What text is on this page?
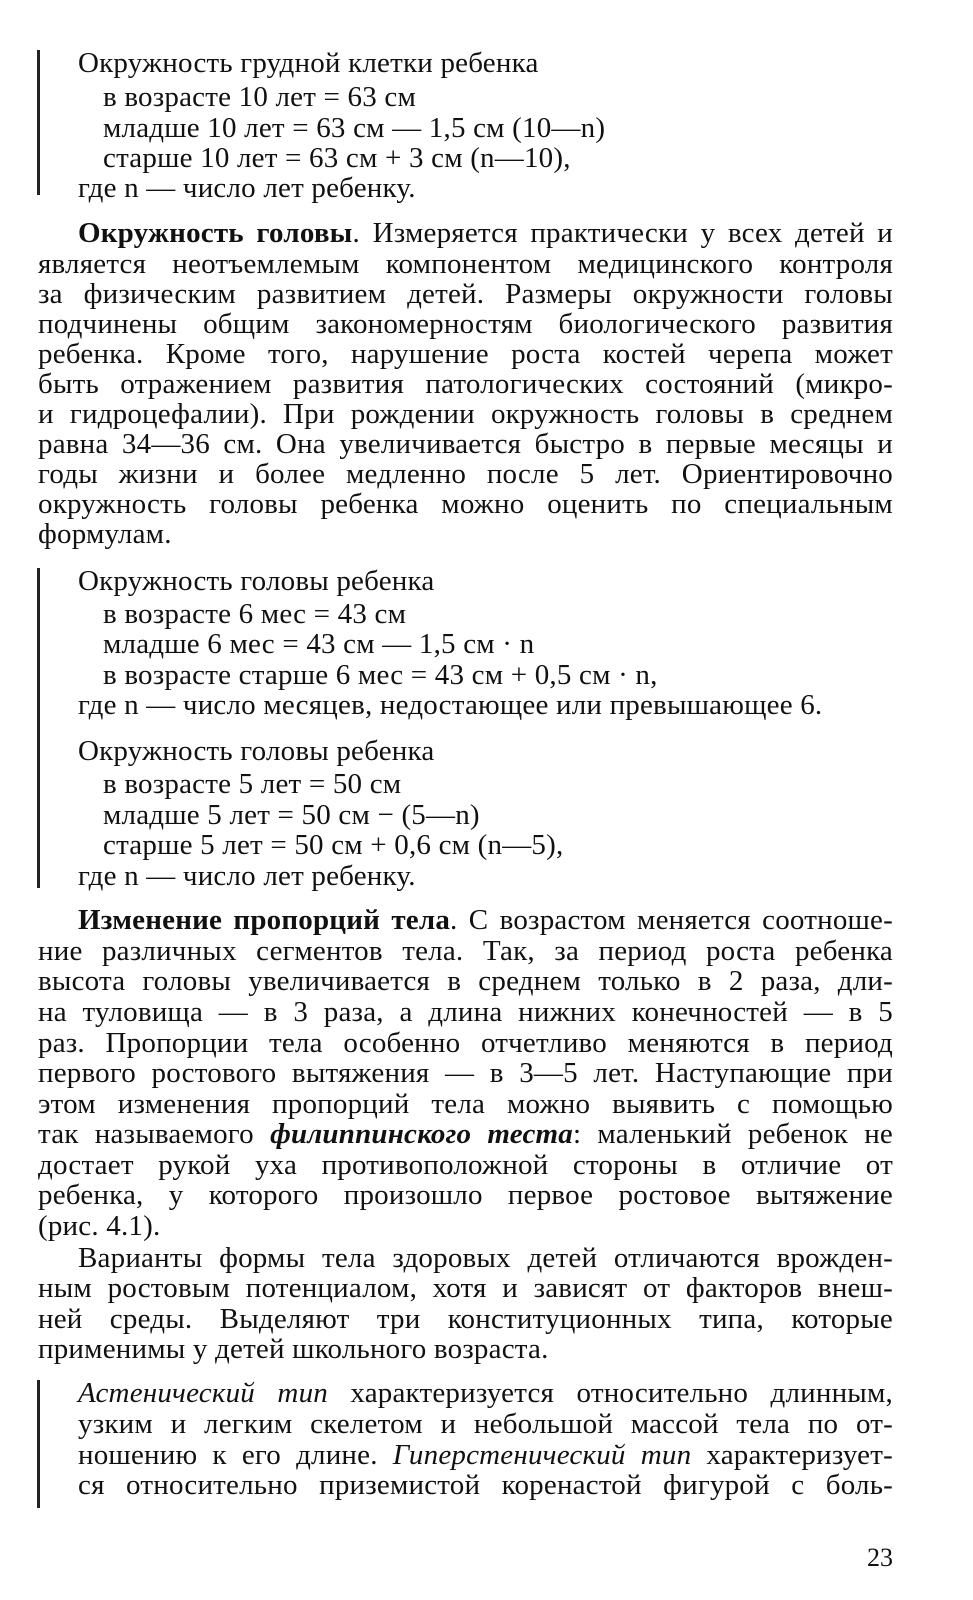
Окружность грудной клетки ребенка
в возрасте 10 лет = 63 см
младше 10 лет = 63 см — 1,5 см (10—n)
старше 10 лет = 63 см + 3 см (n—10),
где n — число лет ребенку.
Окружность головы. Измеряется практически у всех детей и
является неотъемлемым компонентом медицинского контроля
за физическим развитием детей. Размеры окружности головы
подчинены общим закономерностям биологического развития
ребенка. Кроме того, нарушение роста костей черепа может
быть отражением развития патологических состояний (микро-
и гидроцефалии). При рождении окружность головы в среднем
равна 34—36 см. Она увеличивается быстро в первые месяцы и
годы жизни и более медленно после 5 лет. Ориентировочно
окружность головы ребенка можно оценить по специальным
формулам.
Окружность головы ребенка
в возрасте 6 мес = 43 см
младше 6 мес = 43 см — 1,5 см · n
в возрасте старше 6 мес = 43 см + 0,5 см · n,
где n — число месяцев, недостающее или превышающее 6.
Окружность головы ребенка
в возрасте 5 лет = 50 см
младше 5 лет = 50 см − (5—n)
старше 5 лет = 50 см + 0,6 см (n—5),
где n — число лет ребенку.
Изменение пропорций тела. С возрастом меняется соотноше-
ние различных сегментов тела. Так, за период роста ребенка
высота головы увеличивается в среднем только в 2 раза, дли-
на туловища — в 3 раза, а длина нижних конечностей — в 5
раз. Пропорции тела особенно отчетливо меняются в период
первого ростового вытяжения — в 3—5 лет. Наступающие при
этом изменения пропорций тела можно выявить с помощью
так называемого филиппинского теста: маленький ребенок не
достает рукой уха противоположной стороны в отличие от
ребенка, у которого произошло первое ростовое вытяжение
(рис. 4.1).
Варианты формы тела здоровых детей отличаются врожден-
ным ростовым потенциалом, хотя и зависят от факторов внеш-
ней среды. Выделяют три конституционных типа, которые
применимы у детей школьного возраста.
Астенический тип характеризуется относительно длинным,
узким и легким скелетом и небольшой массой тела по от-
ношению к его длине. Гиперстенический тип характеризует-
ся относительно приземистой коренастой фигурой с боль-
23
